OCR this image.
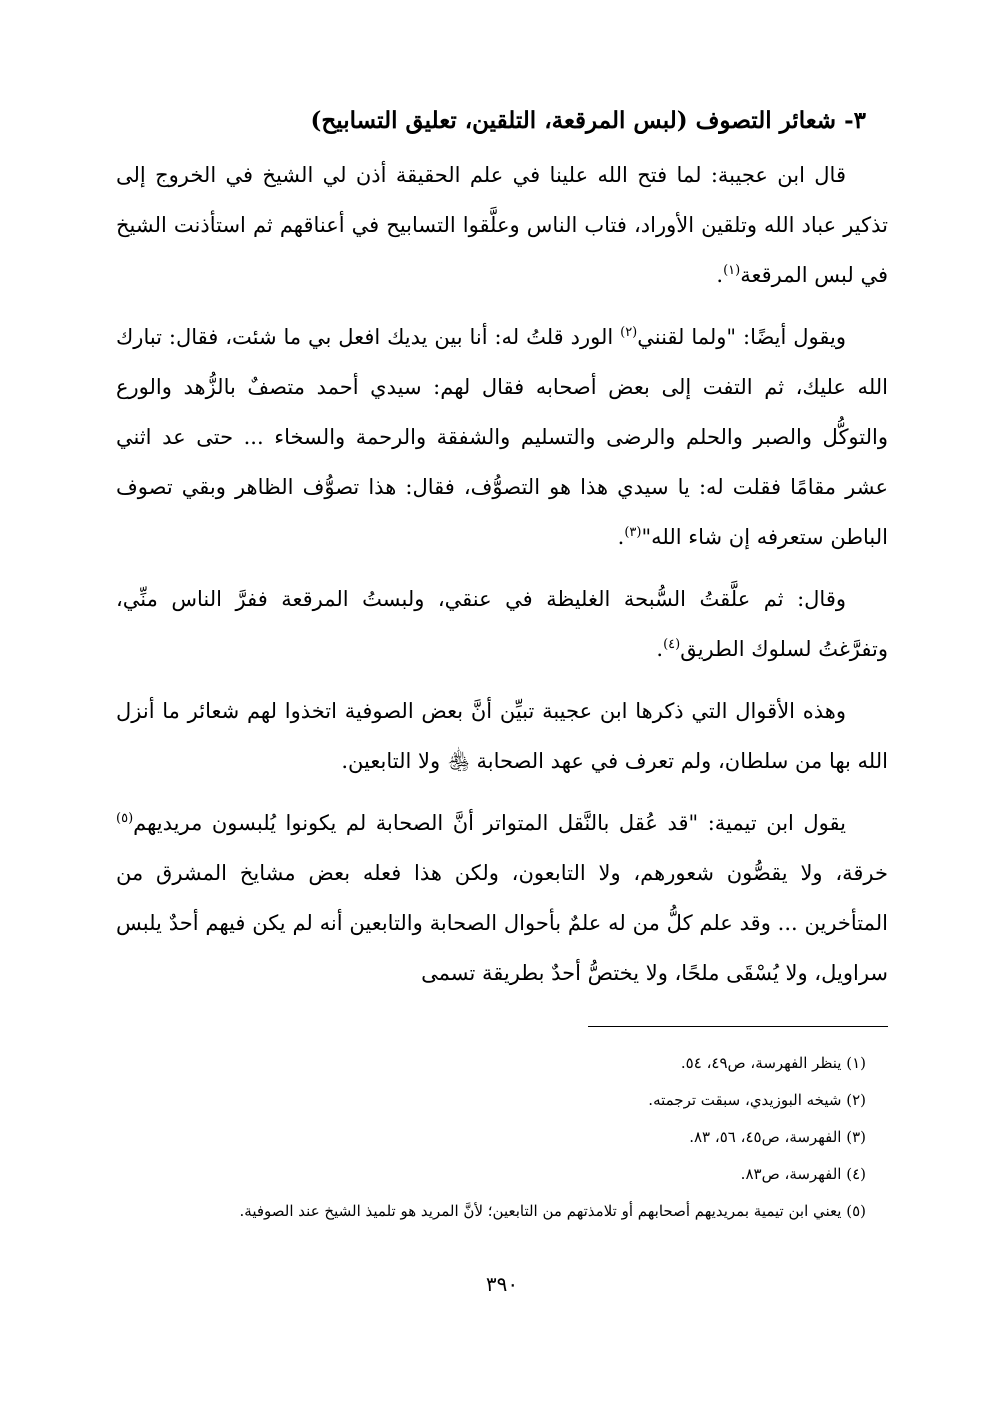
٣- شعائر التصوف (لبس المرقعة، التلقين، تعليق التسابيح)

قال ابن عجيبة: لما فتح الله علينا في علم الحقيقة أذن لي الشيخ في الخروج إلى تذكير عباد الله وتلقين الأوراد، فتاب الناس وعلَّقوا التسابيح في أعناقهم ثم استأذنت الشيخ في لبس المرقعة$^{(١)}$.

ويقول أيضًا: "ولما لقنني$^{(٢)}$ الورد قلتُ له: أنا بين يديك افعل بي ما شئت، فقال: تبارك الله عليك، ثم التفت إلى بعض أصحابه فقال لهم: سيدي أحمد متصفٌ بالزُّهد والورع والتوكُّل والصبر والحلم والرضى والتسليم والشفقة والرحمة والسخاء ... حتى عد اثني عشر مقامًا فقلت له: يا سيدي هذا هو التصوُّف، فقال: هذا تصوُّف الظاهر وبقي تصوف الباطن ستعرفه إن شاء الله"$^{(٣)}$.

وقال: ثم علَّقتُ السُّبحة الغليظة في عنقي، ولبستُ المرقعة ففرَّ الناس منِّي، وتفرَّغتُ لسلوك الطريق$^{(٤)}$.

وهذه الأقوال التي ذكرها ابن عجيبة تبيِّن أنَّ بعض الصوفية اتخذوا لهم شعائر ما أنزل الله بها من سلطان، ولم تعرف في عهد الصحابة ﵃ ولا التابعين.

يقول ابن تيمية: "قد عُقل بالنَّقل المتواتر أنَّ الصحابة لم يكونوا يُلبسون مريديهم$^{(٥)}$ خرقة، ولا يقصُّون شعورهم، ولا التابعون، ولكن هذا فعله بعض مشايخ المشرق من المتأخرين ... وقد علم كلُّ من له علمٌ بأحوال الصحابة والتابعين أنه لم يكن فيهم أحدٌ يلبس سراويل، ولا يُسْقَى ملحًا، ولا يختصُّ أحدٌ بطريقة تسمى

(١) ينظر الفهرسة، ص٤٩، ٥٤.
(٢) شيخه البوزيدي، سبقت ترجمته.
(٣) الفهرسة، ص٤٥، ٥٦، ٨٣.
(٤) الفهرسة، ص٨٣.
(٥) يعني ابن تيمية بمريديهم أصحابهم أو تلامذتهم من التابعين؛ لأنَّ المريد هو تلميذ الشيخ عند الصوفية.
٣٩٠
